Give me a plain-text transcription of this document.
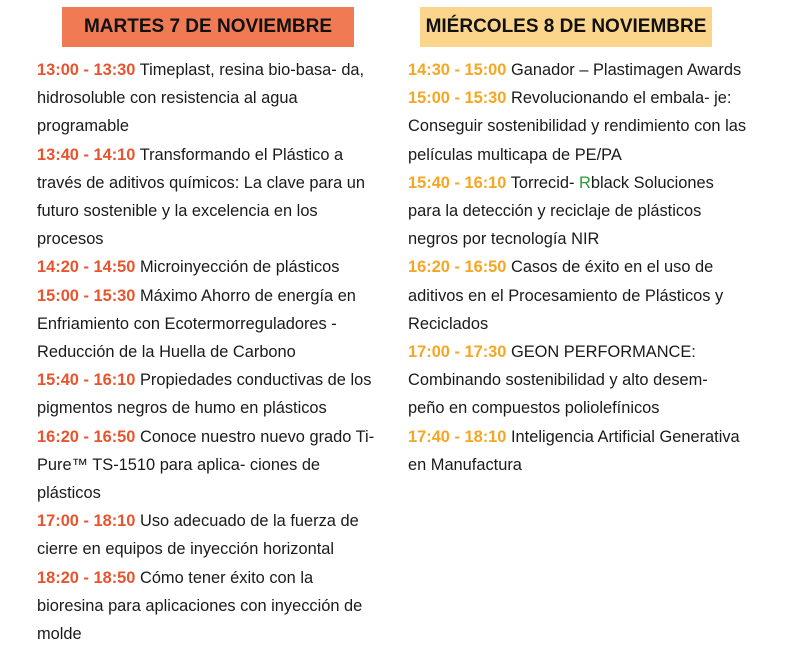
MARTES 7 DE NOVIEMBRE	MIÉRCOLES 8 DE NOVIEMBRE

13:00 - 13:30 Timeplast, resina bio-basa- da, hidrosoluble con resistencia al agua programable

13:40 - 14:10 Transformando el Plástico a través de aditivos químicos: La clave para un futuro sostenible y la excelencia en los procesos

14:20 - 14:50 Microinyección de plásticos

15:00 - 15:30 Máximo Ahorro de energía en Enfriamiento con Ecotermorreguladores - Reducción de la Huella de Carbono

15:40 - 16:10 Propiedades conductivas de los pigmentos negros de humo en plásticos

16:20 - 16:50 Conoce nuestro nuevo grado Ti-Pure™ TS-1510 para aplica- ciones de plásticos

17:00 - 18:10 Uso adecuado de la fuerza de cierre en equipos de inyección horizontal

18:20 - 18:50 Cómo tener éxito con la bioresina para aplicaciones con inyección de molde

14:30 - 15:00 Ganador – Plastimagen Awards

15:00 - 15:30 Revolucionando el embala- je: Conseguir sostenibilidad y rendimiento con las películas multicapa de PE/PA

15:40 - 16:10 Torrecid- Rblack Soluciones para la detección y reciclaje de plásticos negros por tecnología NIR

16:20 - 16:50 Casos de éxito en el uso de aditivos en el Procesamiento de Plásticos y Reciclados

17:00 - 17:30 GEON PERFORMANCE: Combinando sostenibilidad y alto desem- peño en compuestos poliolefínicos

17:40 - 18:10 Inteligencia Artificial Generativa en Manufactura
